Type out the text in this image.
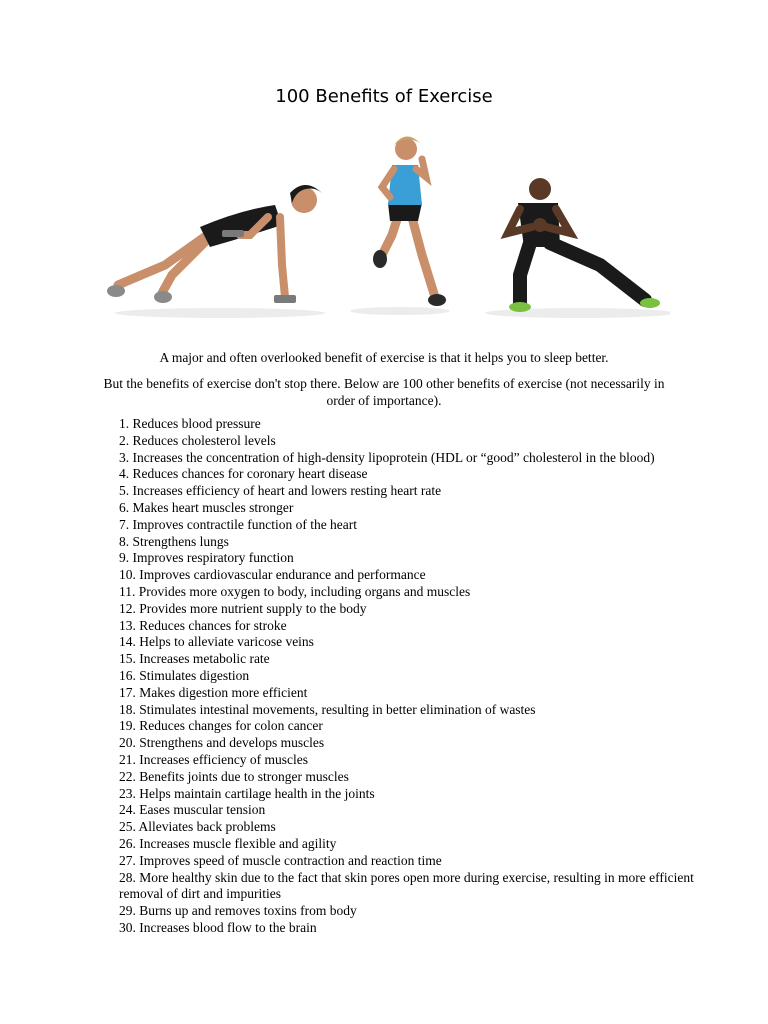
100 Benefits of Exercise
A major and often overlooked benefit of exercise is that it helps you to sleep better.
But the benefits of exercise don't stop there. Below are 100 other benefits of exercise (not necessarily in order of importance).
1. Reduces blood pressure
2. Reduces cholesterol levels
3. Increases the concentration of high-density lipoprotein (HDL or “good” cholesterol in the blood)
4. Reduces chances for coronary heart disease
5. Increases efficiency of heart and lowers resting heart rate
6. Makes heart muscles stronger
7. Improves contractile function of the heart
8. Strengthens lungs
9. Improves respiratory function
10. Improves cardiovascular endurance and performance
11. Provides more oxygen to body, including organs and muscles
12. Provides more nutrient supply to the body
13. Reduces chances for stroke
14. Helps to alleviate varicose veins
15. Increases metabolic rate
16. Stimulates digestion
17. Makes digestion more efficient
18. Stimulates intestinal movements, resulting in better elimination of wastes
19. Reduces changes for colon cancer
20. Strengthens and develops muscles
21. Increases efficiency of muscles
22. Benefits joints due to stronger muscles
23. Helps maintain cartilage health in the joints
24. Eases muscular tension
25. Alleviates back problems
26. Increases muscle flexible and agility
27. Improves speed of muscle contraction and reaction time
28. More healthy skin due to the fact that skin pores open more during exercise, resulting in more efficient removal of dirt and impurities
29. Burns up and removes toxins from body
30. Increases blood flow to the brain
